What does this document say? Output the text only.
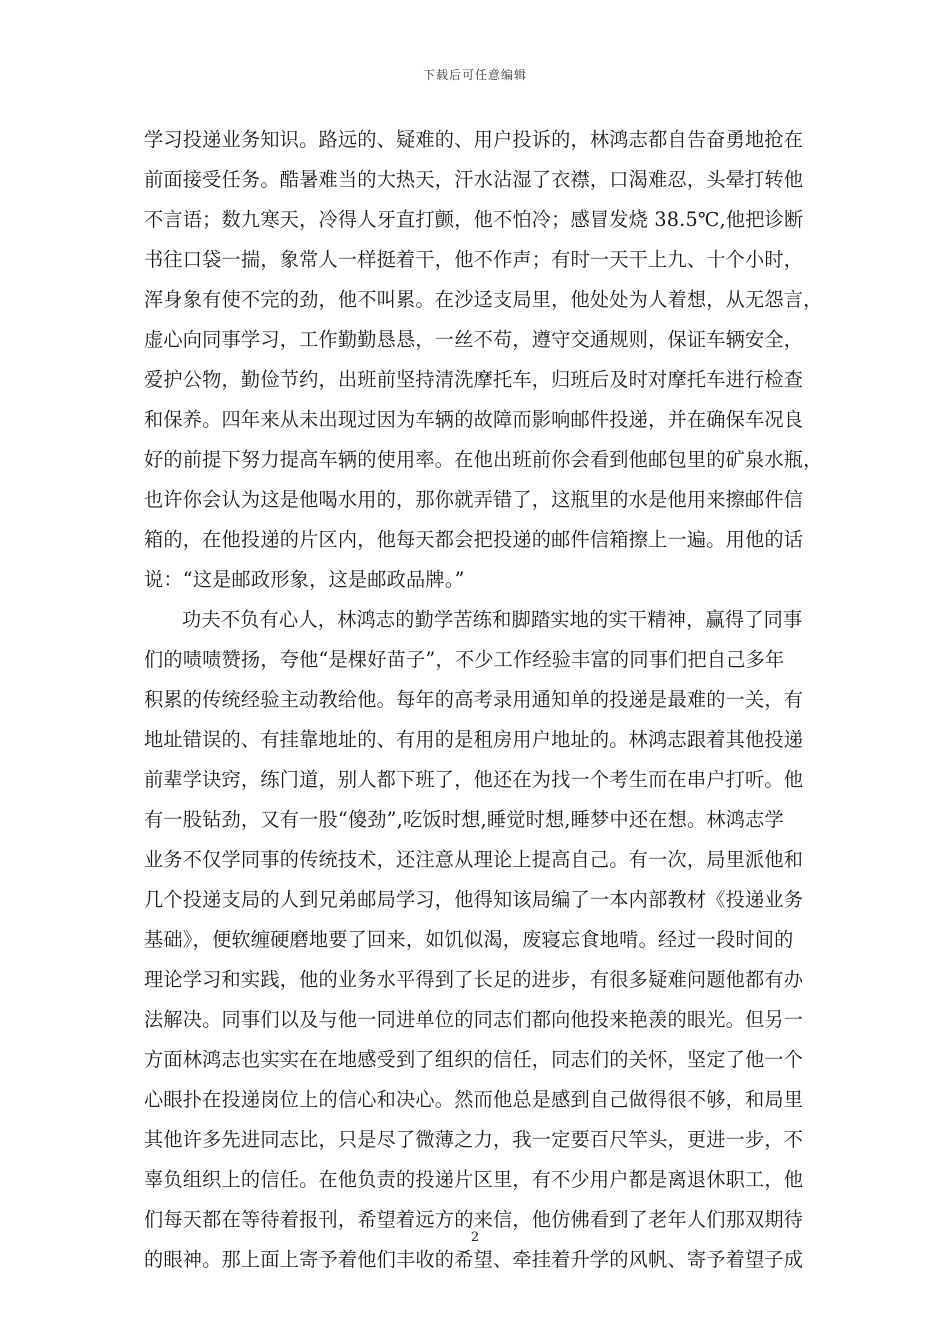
下载后可任意编辑
学习投递业务知识。路远的、疑难的、用户投诉的，林鸿志都自告奋勇地抢在
前面接受任务。酷暑难当的大热天，汗水沾湿了衣襟，口渴难忍，头晕打转他
不言语；数九寒天，冷得人牙直打颤，他不怕冷；感冒发烧 38.5℃,他把诊断
书往口袋一揣，象常人一样挺着干，他不作声；有时一天干上九、十个小时，
浑身象有使不完的劲，他不叫累。在沙迳支局里，他处处为人着想，从无怨言，
虚心向同事学习，工作勤勤恳恳，一丝不苟，遵守交通规则，保证车辆安全，
爱护公物，勤俭节约，出班前坚持清洗摩托车，归班后及时对摩托车进行检查
和保养。四年来从未出现过因为车辆的故障而影响邮件投递，并在确保车况良
好的前提下努力提高车辆的使用率。在他出班前你会看到他邮包里的矿泉水瓶，
也许你会认为这是他喝水用的，那你就弄错了，这瓶里的水是他用来擦邮件信
箱的，在他投递的片区内，他每天都会把投递的邮件信箱擦上一遍。用他的话
说：“这是邮政形象，这是邮政品牌。”
功夫不负有心人，林鸿志的勤学苦练和脚踏实地的实干精神，赢得了同事
们的啧啧赞扬，夸他“是棵好苗子”，不少工作经验丰富的同事们把自己多年
积累的传统经验主动教给他。每年的高考录用通知单的投递是最难的一关，有
地址错误的、有挂靠地址的、有用的是租房用户地址的。林鸿志跟着其他投递
前辈学诀窍，练门道，别人都下班了，他还在为找一个考生而在串户打听。他
有一股钻劲，又有一股“傻劲”,吃饭时想,睡觉时想,睡梦中还在想。林鸿志学
业务不仅学同事的传统技术，还注意从理论上提高自己。有一次，局里派他和
几个投递支局的人到兄弟邮局学习，他得知该局编了一本内部教材《投递业务
基础》，便软缠硬磨地要了回来，如饥似渴，废寝忘食地啃。经过一段时间的
理论学习和实践，他的业务水平得到了长足的进步，有很多疑难问题他都有办
法解决。同事们以及与他一同进单位的同志们都向他投来艳羡的眼光。但另一
方面林鸿志也实实在在地感受到了组织的信任，同志们的关怀，坚定了他一个
心眼扑在投递岗位上的信心和决心。然而他总是感到自己做得很不够，和局里
其他许多先进同志比，只是尽了微薄之力，我一定要百尺竿头，更进一步，不
辜负组织上的信任。在他负责的投递片区里，有不少用户都是离退休职工，他
们每天都在等待着报刊，希望着远方的来信，他仿佛看到了老年人们那双期待
的眼神。那上面上寄予着他们丰收的希望、牵挂着升学的风帆、寄予着望子成
2
